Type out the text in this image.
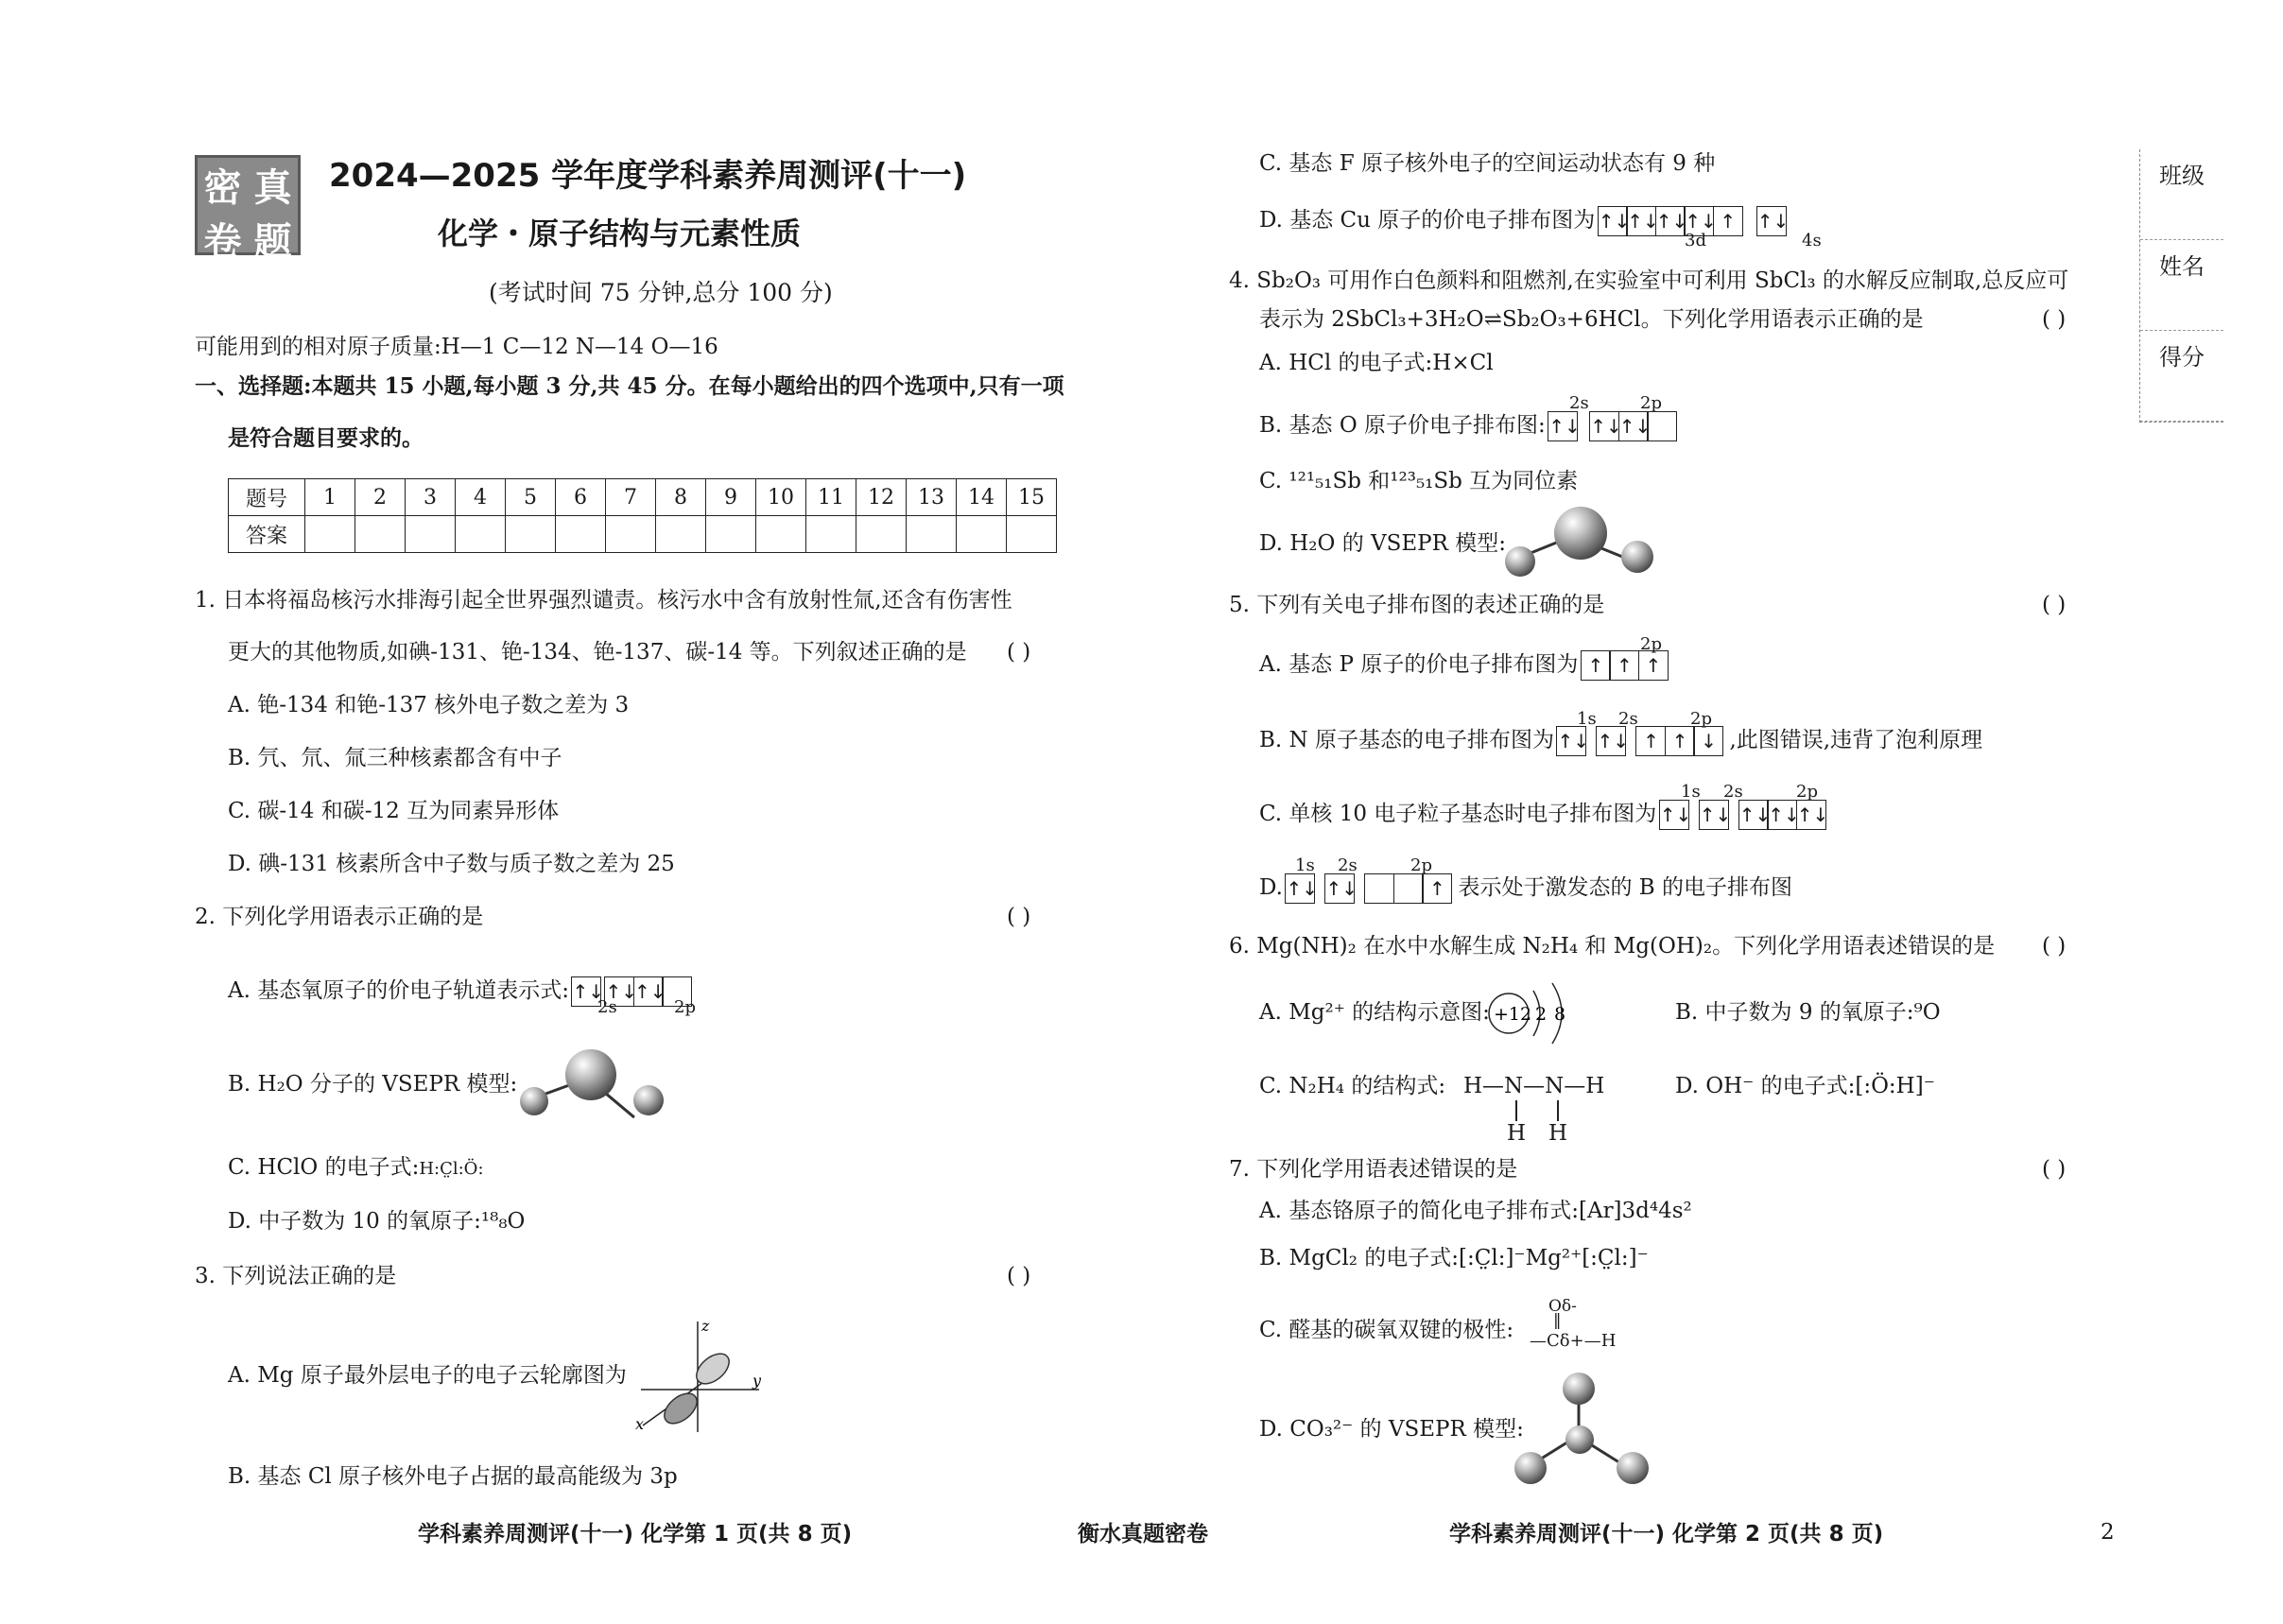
密 真
卷 题
2024—2025 学年度学科素养周测评(十一)
化学・原子结构与元素性质
(考试时间 75 分钟,总分 100 分)
可能用到的相对原子质量:H—1 C—12 N—14 O—16
一、选择题:本题共 15 小题,每小题 3 分,共 45 分。在每小题给出的四个选项中,只有一项
是符合题目要求的。
题号	1	2	3	4	5	6	7	8	9	10	11	12	13	14	15
答案															
1. 日本将福岛核污水排海引起全世界强烈谴责。核污水中含有放射性氚,还含有伤害性
更大的其他物质,如碘-131、铯-134、铯-137、碳-14 等。下列叙述正确的是 ( )
A. 铯-134 和铯-137 核外电子数之差为 3
B. 氕、氘、氚三种核素都含有中子
C. 碳-14 和碳-12 互为同素异形体
D. 碘-131 核素所含中子数与质子数之差为 25
2. 下列化学用语表示正确的是	( )
A. 基态氧原子的价电子轨道表示式: ↑↓ ↑↓
↑↓
2s	2p
B. H₂O 分子的 VSEPR 模型:
C. HClO 的电子式:H:C̤l:Ö:
D. 中子数为 10 的氧原子:¹⁸₈O
3. 下列说法正确的是	( )
A. Mg 原子最外层电子的电子云轮廓图为
z
y
x
B. 基态 Cl 原子核外电子占据的最高能级为 3p
C. 基态 F 原子核外电子的空间运动状态有 9 种
D. 基态 Cu 原子的价电子排布图为 ↑↓
↑↓
↑↓
↑↓ ↑	↑↓
3d	4s
4. Sb₂O₃ 可用作白色颜料和阻燃剂,在实验室中可利用 SbCl₃ 的水解反应制取,总反应可
表示为 2SbCl₃+3H₂O⇌Sb₂O₃+6HCl。下列化学用语表示正确的是	( )
A. HCl 的电子式:H×Cl
2s	2p
B. 基态 O 原子价电子排布图: ↑↓ ↑↓
↑↓
C. ¹²¹₅₁Sb 和¹²³₅₁Sb 互为同位素
D. H₂O 的 VSEPR 模型:
5. 下列有关电子排布图的表述正确的是	( )
2p
A. 基态 P 原子的价电子排布图为 ↑ ↑ ↑
1s 2s	2p
B. N 原子基态的电子排布图为 ↑↓ ↑↓ ↑ ↑ ↓ ,此图错误,违背了泡利原理
1s 2s	2p
C. 单核 10 电子粒子基态时电子排布图为 ↑↓ ↑↓ ↑↓
↑↓
↑↓
1s 2s	2p
D. ↑↓ ↑↓	↑ 表示处于激发态的 B 的电子排布图
6. Mg(NH)₂ 在水中水解生成 N₂H₄ 和 Mg(OH)₂。下列化学用语表述错误的是 ( )
A. Mg²⁺ 的结构示意图: +12 2 8	B. 中子数为 9 的氧原子:⁹O
C. N₂H₄ 的结构式: H—N—N—H
H H
D. OH⁻ 的电子式:[:Ö:H]⁻
7. 下列化学用语表述错误的是	( )
A. 基态铬原子的简化电子排布式:[Ar]3d⁴4s²
B. MgCl₂ 的电子式:[:C̤l:]⁻Mg²⁺[:C̤l:]⁻
C. 醛基的碳氧双键的极性:
Oδ-
‖
—Cδ+—H
D. CO₃²⁻ 的 VSEPR 模型:
班级
姓名
得分
学科素养周测评(十一) 化学第 1 页(共 8 页)	衡水真题密卷	学科素养周测评(十一) 化学第 2 页(共 8 页)	2
